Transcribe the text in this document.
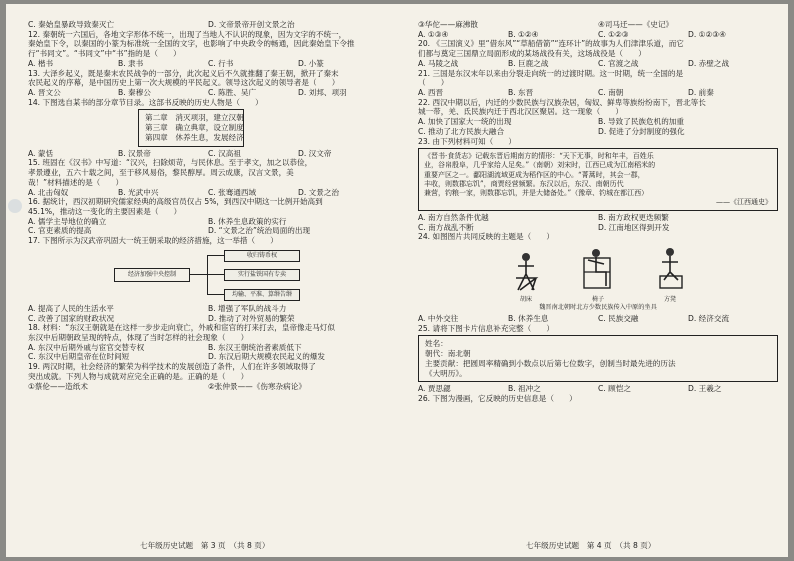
C. 秦始皇暴政导致秦灭亡	D. 文帝景帝开创文景之治
12. 秦朝统一六国后，各地文字形体不统一，出现了当地人不认识的现象，因为文字的不统一，
秦始皇下令，以秦国的小篆为标准统一全国的文字，也影响了中央政令的畅通，因此秦始皇下令推
行“书同文”。“书同文”中“书”指的是（　　）
A. 楷书	B. 隶书	C. 行书	D. 小篆
13. 大泽乡起义，既是秦末农民战争的一部分，此次起义后不久就推翻了秦王朝，掀开了秦末
农民起义的序幕，是中国历史上第一次大规模的平民起义。领导这次起义的领导者是（　　）
A. 晋文公	B. 秦穆公	C. 陈胜、吴广	D. 刘邦、项羽
14. 下图选自某书的部分章节目录。这部书反映的历史人物是（　　）
第二章　消灭项羽，建立汉朝
第三章　确立典章，设立制度
第四章　休养生息，发展经济
A. 蒙恬	B. 汉景帝	C. 汉高祖	D. 汉文帝
15. 班固在《汉书》中写道：“汉兴，扫除烦苛，与民休息。至于孝文，加之以恭俭，
孝景遵业，五六十载之间，至于移风易俗，黎民醇厚。周云成康，汉言文景，美
哉！”材料描述的是（　　）
A. 北击匈奴	B. 光武中兴	C. 张骞通西域	D. 文景之治
16. 据统计，西汉初期研究儒家经典的高级官员仅占 5%，到西汉中期这一比例开始高到
45.1%，推动这一变化的主要因素是（　　）
A. 儒学主导地位的确立	B. 休养生息政策的实行
C. 官吏素质的提高	D. “文景之治”统治局面的出现
17. 下图所示为汉武帝巩固大一统王朝采取的经济措施，这一举措（　　）
经济加强中央控制
收归铸币权
实行盐铁国有专卖
均输、平准、算缗告缗
A. 提高了人民的生活水平	B. 增强了军队的战斗力
C. 改善了国家的财政状况	D. 推动了对外贸易的繁荣
18. 材料：“东汉王朝就是在这样一步步走向衰亡，外戚和宦官的打来打去，皇帝像走马灯似
东汉中后期朝政呈现的特点，体现了当时怎样的社会现象（　　）
A. 东汉中后期外戚与宦官交替专权	B. 东汉王朝统治者素质低下
C. 东汉中后期皇帝在位时间短	D. 东汉后期大规模农民起义的爆发
19. 两汉时期，社会经济的繁荣为科学技术的发展创造了条件，人们在许多领域取得了
突出成就。下列人物与成就对应完全正确的是。正确的是（　　）
①蔡伦——造纸术	②张仲景——《伤寒杂病论》
七年级历史试题　第 3 页　（共 8 页）
③华佗——麻沸散	④司马迁——《史记》
A. ①③④	B. ①②④	C. ①②③	D. ①②③④
20. 《三国演义》里“借东风”“草船借箭”“连环计”的故事为人们津津乐道，而它
们都与奠定三国鼎立局面形成的某场战役有关，这场战役是（　　）
A. 马陵之战	B. 巨鹿之战	C. 官渡之战	D. 赤壁之战
21. 三国是东汉末年以来由分裂走向统一的过渡时期。这一时期，统一全国的是
（　　）
A. 西晋	B. 东晋	C. 南朝	D. 前秦
22. 西汉中期以后，内迁的少数民族与汉族杂居，匈奴、鲜卑等族纷纷南下，晋北等长
城一带，羌、氐民族内迁于西北汉区聚居。这一现象（　　）
A. 加快了国家大一统的出现	B. 导致了民族危机的加重
C. 推动了北方民族大融合	D. 促进了分封制度的强化
23. 由下列材料可知（　　）
《晋书·食货志》记载东晋后期南方的情形：“天下无事，时和年丰，百姓乐
业，谷帛殷阜，几乎家给人足矣。”（南朝）刘宋时，江西已成为江南稻米的
重要产区之一。鄱阳湖流域更成为稻作区的中心。“菁蒿时，其会一郡，
丰收，则数郡忘饥”，商贾经营频繁。东汉以后，东汉、南朝历代
兼营，钓粮一家，则数郡忘饥，并是大储备处。”（豫章、钓城在都江西）
——《江西通史》
A. 南方自然条件优越	B. 南方政权更迭频繁
C. 南方战乱不断	D. 江南地区得到开发
24. 如图图片共同反映的主题是（　　）
胡床	椅子	方凳
魏晋南北朝时北方少数民族传入中原的坐具
A. 中外交往	B. 休养生息	C. 民族交融	D. 经济交流
25. 请将下图卡片信息补充完整（　　）
姓名：
朝代：南北朝
主要贡献：把圆周率精确到小数点以后第七位数字，创制当时最先进的历法
《大明历》。
A. 贾思勰	B. 祖冲之	C. 顾恺之	D. 王羲之
26. 下图为漫画，它反映的历史信息是（　　）
七年级历史试题　第 4 页　（共 8 页）
